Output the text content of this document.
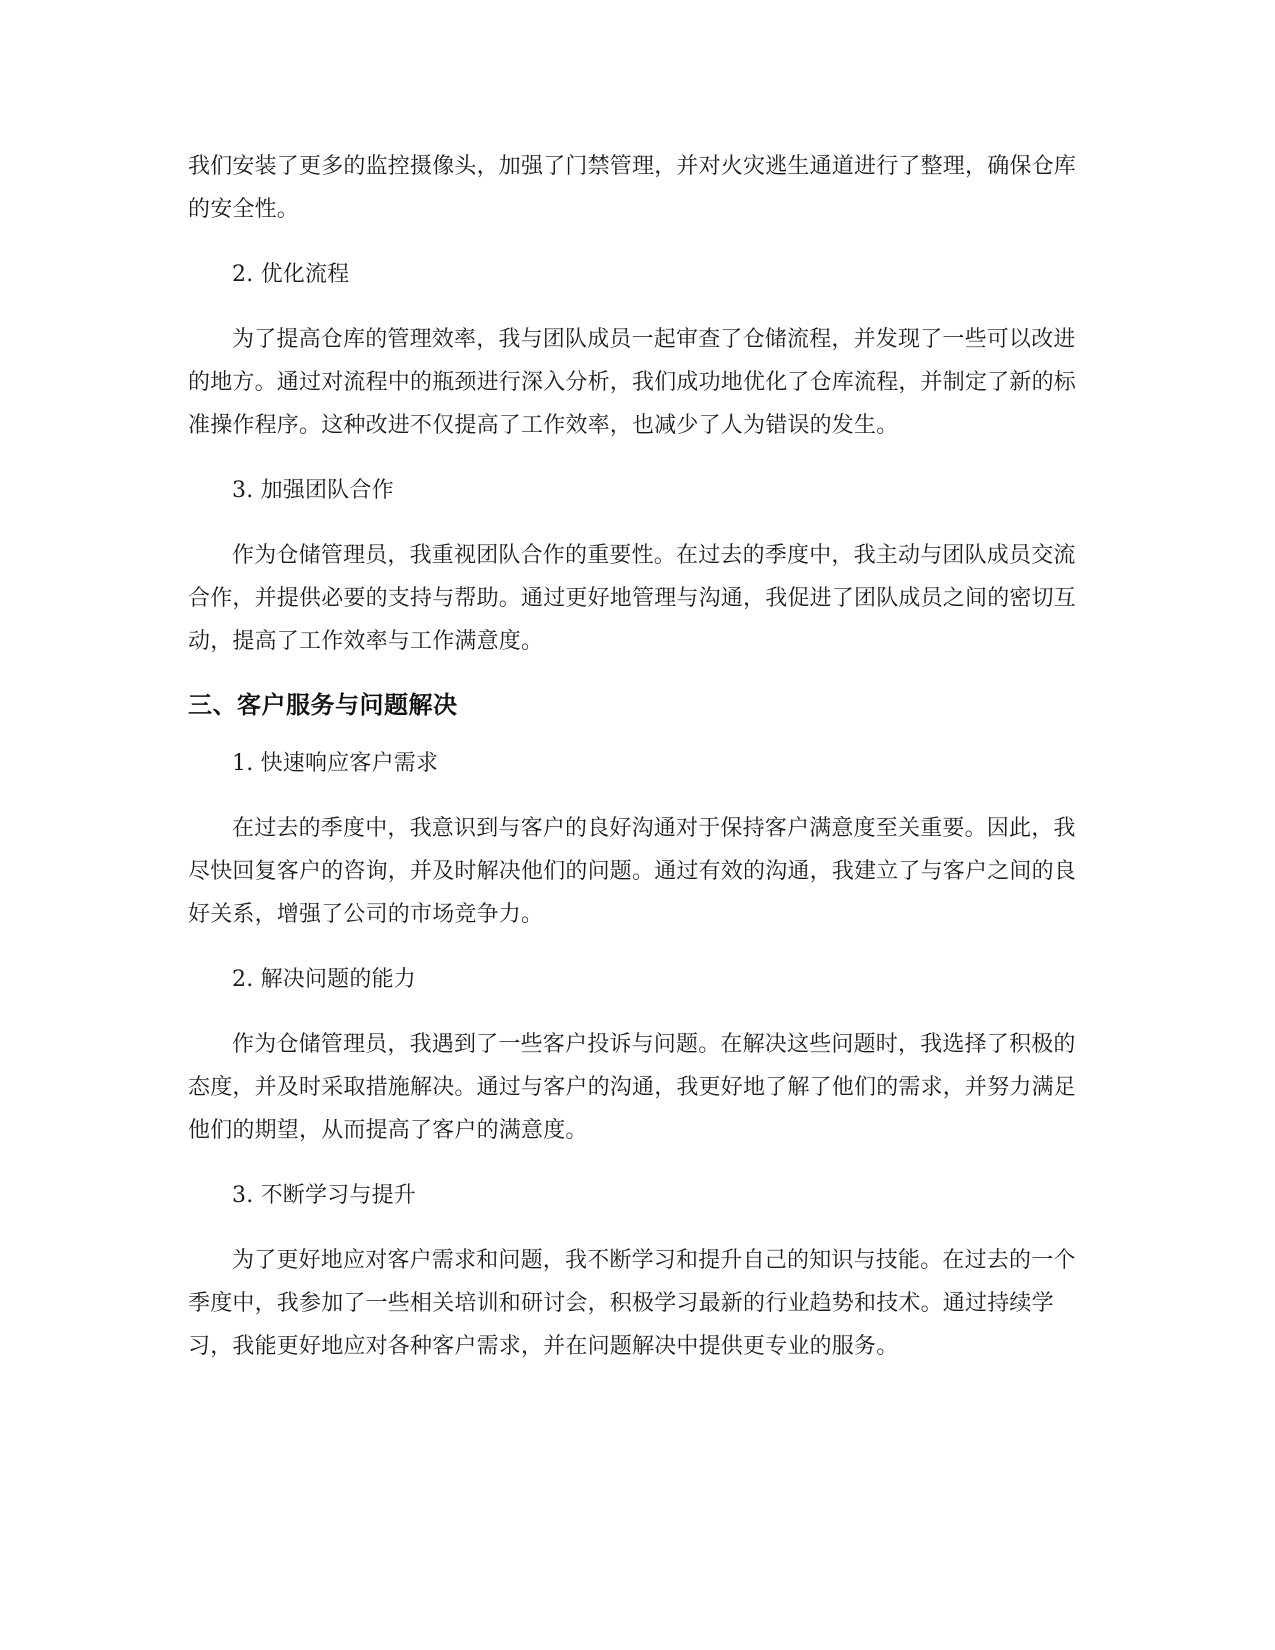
我们安装了更多的监控摄像头，加强了门禁管理，并对火灾逃生通道进行了整理，确保仓库的安全性。

2. 优化流程

为了提高仓库的管理效率，我与团队成员一起审查了仓储流程，并发现了一些可以改进的地方。通过对流程中的瓶颈进行深入分析，我们成功地优化了仓库流程，并制定了新的标准操作程序。这种改进不仅提高了工作效率，也减少了人为错误的发生。

3. 加强团队合作

作为仓储管理员，我重视团队合作的重要性。在过去的季度中，我主动与团队成员交流合作，并提供必要的支持与帮助。通过更好地管理与沟通，我促进了团队成员之间的密切互动，提高了工作效率与工作满意度。

三、客户服务与问题解决

1. 快速响应客户需求

在过去的季度中，我意识到与客户的良好沟通对于保持客户满意度至关重要。因此，我尽快回复客户的咨询，并及时解决他们的问题。通过有效的沟通，我建立了与客户之间的良好关系，增强了公司的市场竞争力。

2. 解决问题的能力

作为仓储管理员，我遇到了一些客户投诉与问题。在解决这些问题时，我选择了积极的态度，并及时采取措施解决。通过与客户的沟通，我更好地了解了他们的需求，并努力满足他们的期望，从而提高了客户的满意度。

3. 不断学习与提升

为了更好地应对客户需求和问题，我不断学习和提升自己的知识与技能。在过去的一个季度中，我参加了一些相关培训和研讨会，积极学习最新的行业趋势和技术。通过持续学习，我能更好地应对各种客户需求，并在问题解决中提供更专业的服务。
